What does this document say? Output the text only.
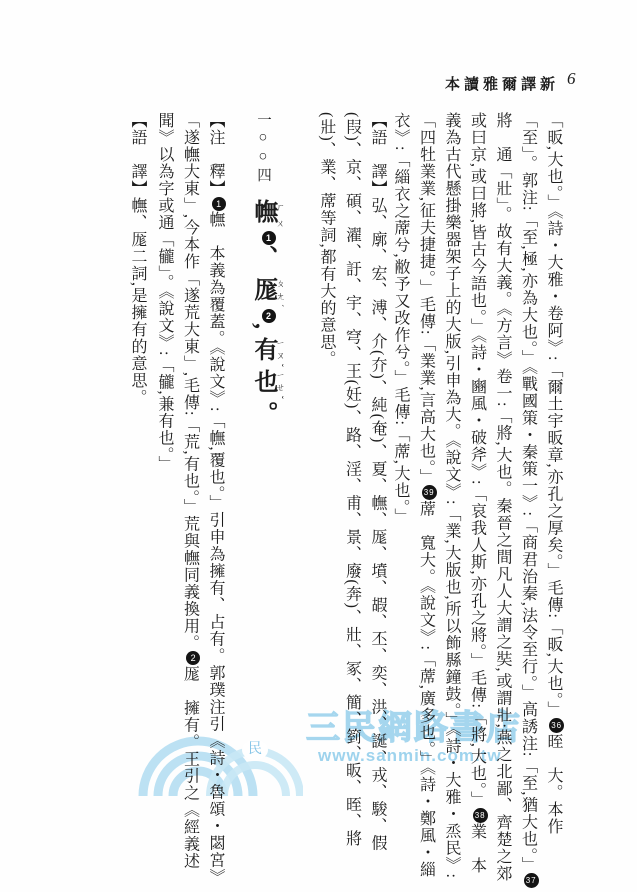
新譯爾雅讀本 6
「昄,大也。」《詩・大雅・卷阿》:「爾土宇昄章,亦孔之厚矣。」毛傳:「昄,大也。」36晊　大。本作「至」。郭注:「至,極,亦為大也。」《戰國策・秦策一》:「商君治秦,法令至行。」高誘注:「至,猶大也。」37將　通「壯」。故有大義。《方言》卷一:「將,大也。秦晉之間凡人大謂之奘,或謂壯;燕之北鄙、齊楚之郊或曰京,或曰將,皆古今語也。」《詩・豳風・破斧》:「哀我人斯,亦孔之將。」毛傳:「將,大也。」38業　本義為古代懸掛樂器架子上的大版,引申為大。《說文》:「業,大版也,所以飾縣鐘鼓。」《詩・大雅・烝民》:「四牡業業,征夫捷捷。」毛傳:「業業,言高大也。」39蓆　寬大。《說文》:「蓆,廣多也。」《詩・鄭風・緇衣》:「緇衣之蓆兮,敝予又改作兮。」毛傳:「蓆,大也。」
【語　譯】弘、廓、宏、溥、介(夰)、純(奄)、夏、幠、厖、墳、嘏、丕、奕、洪、誕、戎、駿、假(叚)、京、碩、濯、訏、宇、穹、王(妊)、路、淫、甫、景、廢(奔)、壯、冢、簡、箌、昄、晊、將(壯)、業、蓆等詞,都有大的意思。
一○○四幠 ㄏㄨ1、厖 ㄆㄤˊ2,有 ㄧㄡˇ也 ㄧㄝˇ。
【注　釋】1幠　本義為覆蓋。《說文》:「幠,覆也。」引申為擁有、占有。郭璞注引《詩・魯頌・閟宮》「遂幠大東」,今本作「遂荒大東」,毛傳:「荒,有也。」荒與幠同義換用。2厖　擁有。王引之《經義述聞》以為字或通「龓」。《說文》:「龓,兼有也。」
【語　譯】幠、厖二詞,是擁有的意思。
民
三民網路書店
www.sanmin.com.tw
